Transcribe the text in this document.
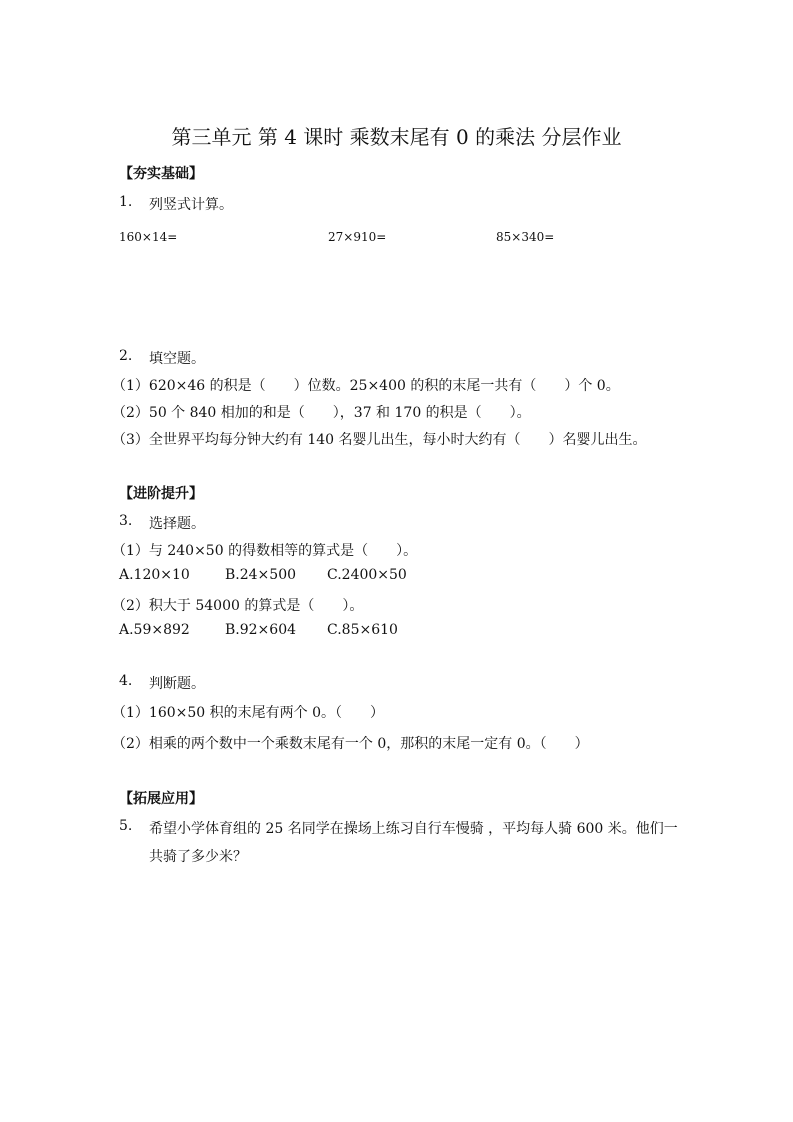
第三单元 第 4 课时 乘数末尾有 0 的乘法 分层作业
【夯实基础】
1. 列竖式计算。
160×14=	27×910=	85×340=
2. 填空题。
（1）620×46 的积是（　　）位数。25×400 的积的末尾一共有（　　）个 0。
（2）50 个 840 相加的和是（　　），37 和 170 的积是（　　）。
（3）全世界平均每分钟大约有 140 名婴儿出生，每小时大约有（　　）名婴儿出生。
【进阶提升】
3. 选择题。
（1）与 240×50 的得数相等的算式是（　　）。
A.120×10	B.24×500 C.2400×50
（2）积大于 54000 的算式是（　　）。
A.59×892	B.92×604 C.85×610
4. 判断题。
（1）160×50 积的末尾有两个 0。（　　）
（2）相乘的两个数中一个乘数末尾有一个 0，那积的末尾一定有 0。（　　）
【拓展应用】
5. 希望小学体育组的 25 名同学在操场上练习自行车慢骑 ，平均每人骑 600 米。他们一
共骑了多少米？
